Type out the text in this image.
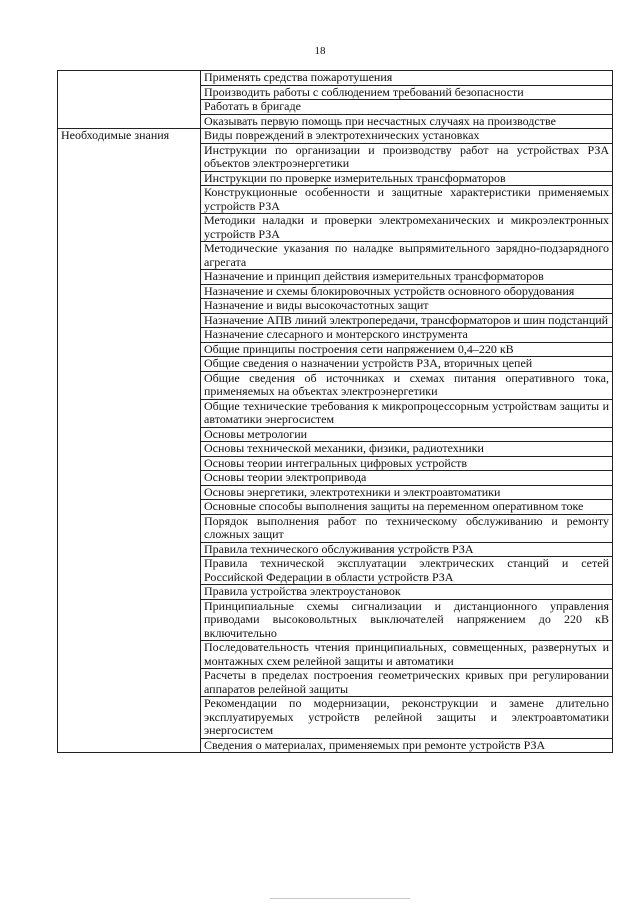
18
	Применять средства пожаротушения
	Производить работы с соблюдением требований безопасности
	Работать в бригаде
	Оказывать первую помощь при несчастных случаях на производстве
Необходимые знания	Виды повреждений в электротехнических установках
	Инструкции по организации и производству работ на устройствах РЗА объектов электроэнергетики
	Инструкции по проверке измерительных трансформаторов
	Конструкционные особенности и защитные характеристики применяемых устройств РЗА
	Методики наладки и проверки электромеханических и микроэлектронных устройств РЗА
	Методические указания по наладке выпрямительного зарядно-подзарядного агрегата
	Назначение и принцип действия измерительных трансформаторов
	Назначение и схемы блокировочных устройств основного оборудования
	Назначение и виды высокочастотных защит
	Назначение АПВ линий электропередачи, трансформаторов и шин подстанций
	Назначение слесарного и монтерского инструмента
	Общие принципы построения сети напряжением 0,4–220 кВ
	Общие сведения о назначении устройств РЗА, вторичных цепей
	Общие сведения об источниках и схемах питания оперативного тока, применяемых на объектах электроэнергетики
	Общие технические требования к микропроцессорным устройствам защиты и автоматики энергосистем
	Основы метрологии
	Основы технической механики, физики, радиотехники
	Основы теории интегральных цифровых устройств
	Основы теории электропривода
	Основы энергетики, электротехники и электроавтоматики
	Основные способы выполнения защиты на переменном оперативном токе
	Порядок выполнения работ по техническому обслуживанию и ремонту сложных защит
	Правила технического обслуживания устройств РЗА
	Правила технической эксплуатации электрических станций и сетей Российской Федерации в области устройств РЗА
	Правила устройства электроустановок
	Принципиальные схемы сигнализации и дистанционного управления приводами высоковольтных выключателей напряжением до 220 кВ включительно
	Последовательность чтения принципиальных, совмещенных, развернутых и монтажных схем релейной защиты и автоматики
	Расчеты в пределах построения геометрических кривых при регулировании аппаратов релейной защиты
	Рекомендации по модернизации, реконструкции и замене длительно эксплуатируемых устройств релейной защиты и электроавтоматики энергосистем
	Сведения о материалах, применяемых при ремонте устройств РЗА
